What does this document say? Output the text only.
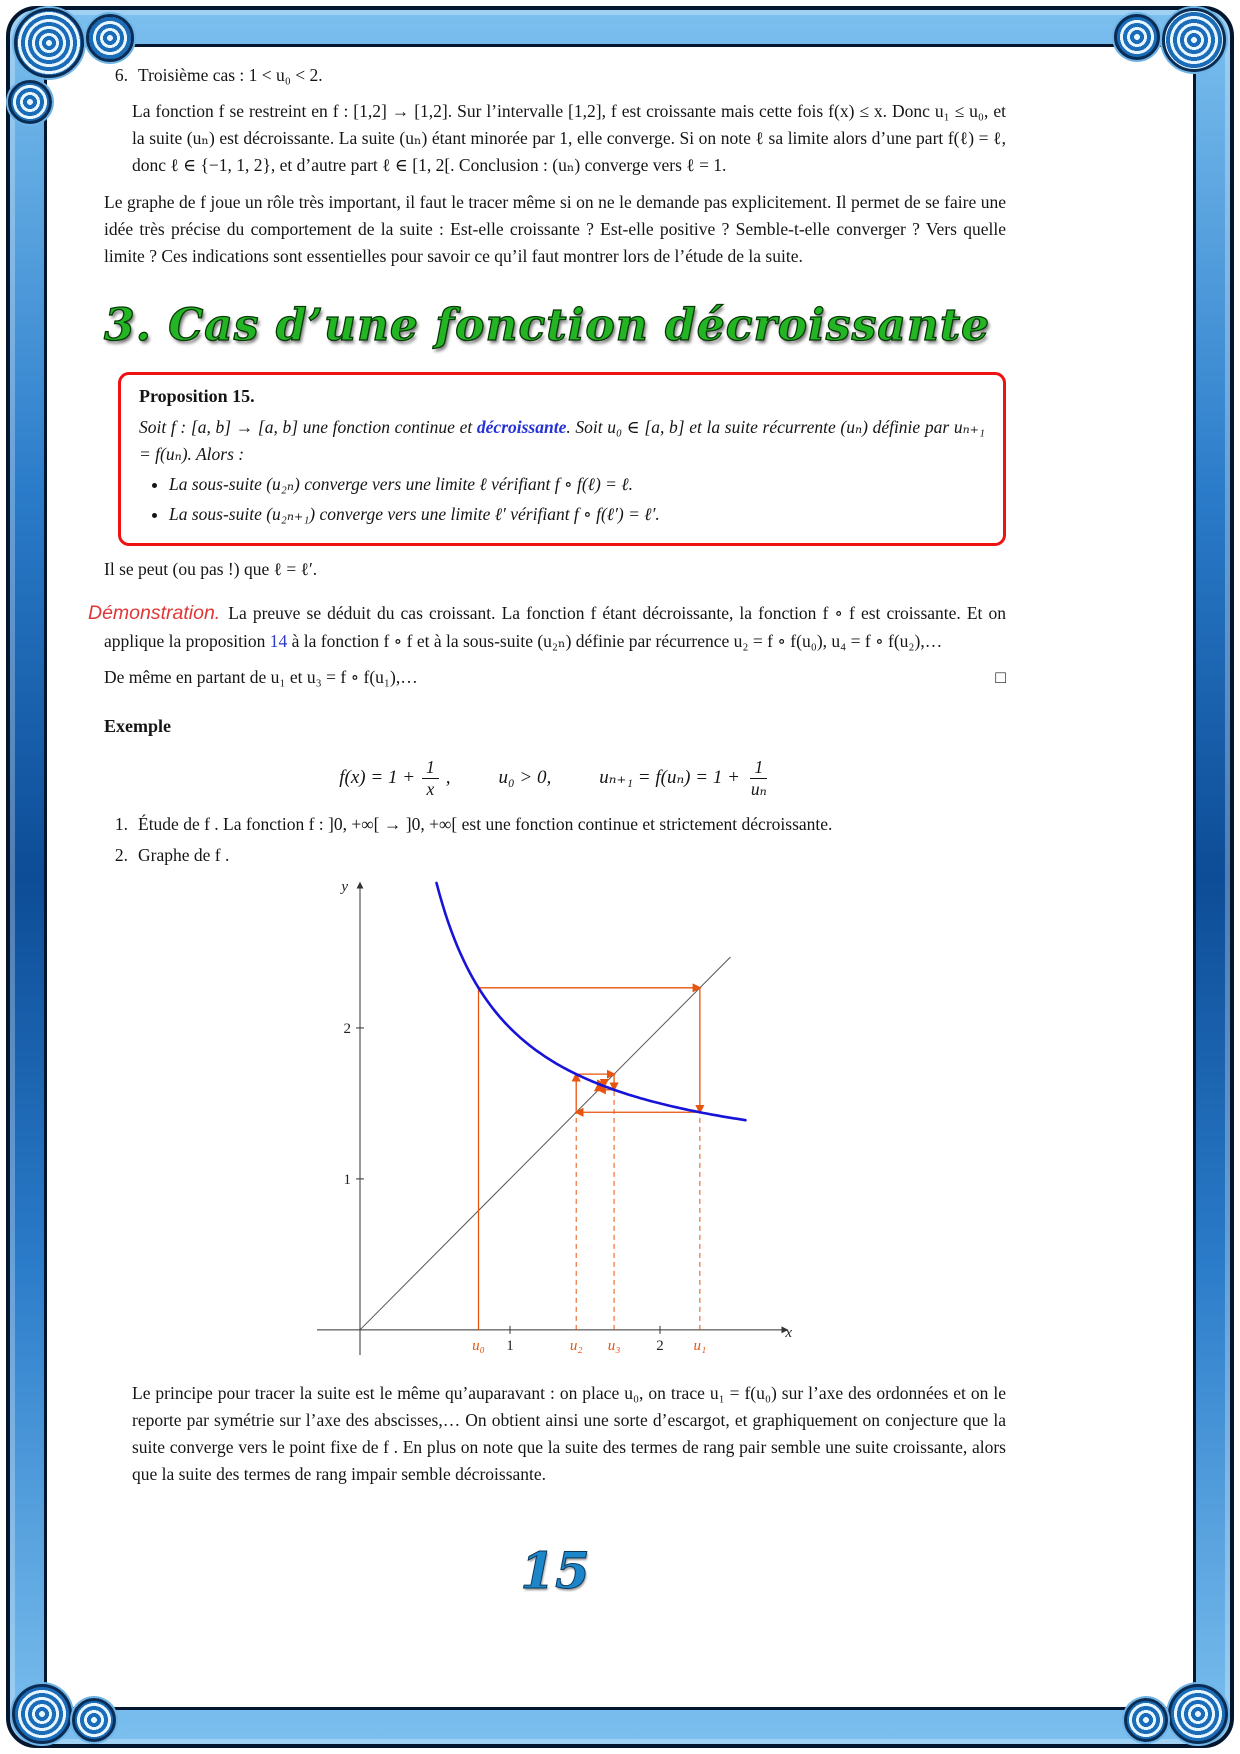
6. Troisième cas : 1 < u₀ < 2.

La fonction f se restreint en f : [1,2] → [1,2]. Sur l’intervalle [1,2], f est croissante mais cette fois f(x) ≤ x. Donc u₁ ≤ u₀, et la suite (uₙ) est décroissante. La suite (uₙ) étant minorée par 1, elle converge. Si on note ℓ sa limite alors d’une part f(ℓ) = ℓ, donc ℓ ∈ {−1, 1, 2}, et d’autre part ℓ ∈ [1, 2[. Conclusion : (uₙ) converge vers ℓ = 1.

Le graphe de f joue un rôle très important, il faut le tracer même si on ne le demande pas explicitement. Il permet de se faire une idée très précise du comportement de la suite : Est-elle croissante ? Est-elle positive ? Semble-t-elle converger ? Vers quelle limite ? Ces indications sont essentielles pour savoir ce qu’il faut montrer lors de l’étude de la suite.

3. Cas d’une fonction décroissante
Proposition 15.

Soit f : [a, b] → [a, b] une fonction continue et décroissante. Soit u₀ ∈ [a, b] et la suite récurrente (uₙ) définie par uₙ₊₁ = f(uₙ). Alors :

• La sous-suite (u₂ₙ) converge vers une limite ℓ vérifiant f ∘ f(ℓ) = ℓ.
• La sous-suite (u₂ₙ₊₁) converge vers une limite ℓ′ vérifiant f ∘ f(ℓ′) = ℓ′.

Il se peut (ou pas !) que ℓ = ℓ′.

Démonstration. La preuve se déduit du cas croissant. La fonction f étant décroissante, la fonction f ∘ f est croissante. Et on applique la proposition 14 à la fonction f ∘ f et à la sous-suite (u₂ₙ) définie par récurrence u₂ = f ∘ f(u₀), u₄ = f ∘ f(u₂),…

De même en partant de u₁ et u₃ = f ∘ f(u₁),…	□

Exemple
$f(x) = 1 + \frac{1}{x}$ ,	u₀ > 0,	$u_{n+1} = f(u_n) = 1 + \frac{1}{\text{uₙ}}$
1. Étude de f . La fonction f : ]0, +∞[ → ]0, +∞[ est une fonction continue et strictement décroissante.
2. Graphe de f .
1	2
1
2
u₀	u₂ u₃	u₁
x
y

Le principe pour tracer la suite est le même qu’auparavant : on place u₀, on trace u₁ = f(u₀) sur l’axe des ordonnées et on le reporte par symétrie sur l’axe des abscisses,… On obtient ainsi une sorte d’escargot, et graphiquement on conjecture que la suite converge vers le point fixe de f . En plus on note que la suite des termes de rang pair semble une suite croissante, alors que la suite des termes de rang impair semble décroissante.

15
